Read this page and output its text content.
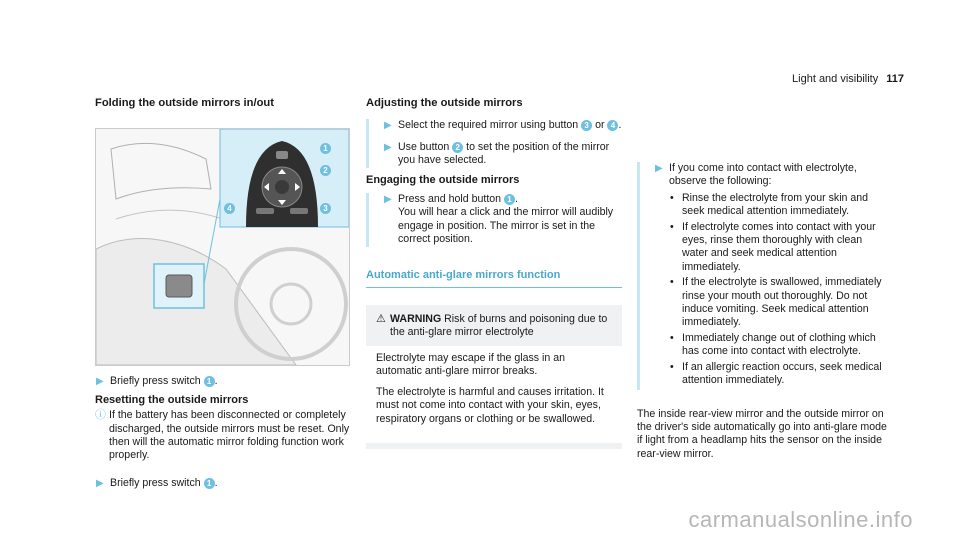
Light and visibility 117
Folding the outside mirrors in/out
1
2
3
4
▶ Briefly press switch 1 .
Resetting the outside mirrors
ⓘ If the battery has been disconnected or completely discharged, the outside mirrors must be reset. Only then will the automatic mirror folding function work properly.
▶ Briefly press switch 1 .
Adjusting the outside mirrors
▶ Select the required mirror using button 3 or 4 .
▶ Use button 2 to set the position of the mirror you have selected.
Engaging the outside mirrors
▶ Press and hold button 1 .
You will hear a click and the mirror will audibly engage in position. The mirror is set in the correct position.
Automatic anti-glare mirrors function
⚠ WARNING Risk of burns and poisoning due to the anti-glare mirror electrolyte

Electrolyte may escape if the glass in an automatic anti-glare mirror breaks.

The electrolyte is harmful and causes irritation. It must not come into contact with your skin, eyes, respiratory organs or clothing or be swallowed.

▶ If you come into contact with electrolyte, observe the following:
• Rinse the electrolyte from your skin and seek medical attention immediately.
• If electrolyte comes into contact with your eyes, rinse them thoroughly with clean water and seek medical attention immediately.
• If the electrolyte is swallowed, immediately rinse your mouth out thoroughly. Do not induce vomiting. Seek medical attention immediately.
• Immediately change out of clothing which has come into contact with electrolyte.
• If an allergic reaction occurs, seek medical attention immediately.
The inside rear-view mirror and the outside mirror on the driver's side automatically go into anti-glare mode if light from a headlamp hits the sensor on the inside rear-view mirror.
carmanualsonline.info
